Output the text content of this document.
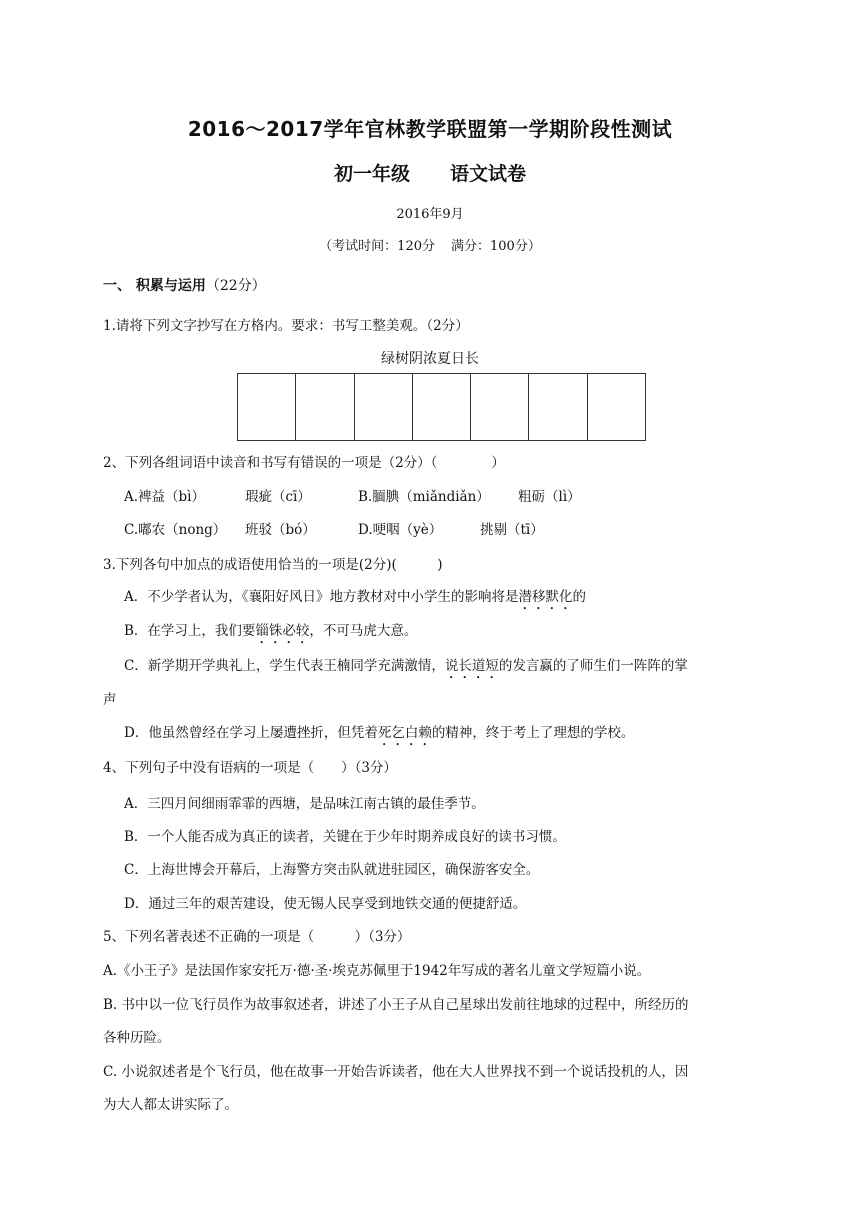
2016～2017学年官林教学联盟第一学期阶段性测试
初一年级 语文试卷
2016年9月
（考试时间：120分 满分：100分）
一、 积累与运用（22分）
1.请将下列文字抄写在方格内。要求：书写工整美观。（2分）
绿树阴浓夏日长
2、下列各组词语中读音和书写有错误的一项是（2分）（　　　　）
A.裨益（bì）	瑕疵（cī）	B.腼腆（miǎndiǎn） 粗砺（lì）
C.嘟农（nong） 班驳（bó）	D.哽咽（yè）	挑剔（tī）
3.下列各句中加点的成语使用恰当的一项是(2分)(　　　)
A．不少学者认为，《襄阳好风日》地方教材对中小学生的影响将是潜移默化的
B．在学习上，我们要锱铢必较，不可马虎大意。
C．新学期开学典礼上，学生代表王楠同学充满激情，说长道短的发言赢的了师生们一阵阵的掌
声
D．他虽然曾经在学习上屡遭挫折，但凭着死乞白赖的精神，终于考上了理想的学校。
4、下列句子中没有语病的一项是（　　）（3分）
A．三四月间细雨霏霏的西塘，是品味江南古镇的最佳季节。
B．一个人能否成为真正的读者，关键在于少年时期养成良好的读书习惯。
C．上海世博会开幕后，上海警方突击队就进驻园区，确保游客安全。
D．通过三年的艰苦建设，使无锡人民享受到地铁交通的便捷舒适。
5、下列名著表述不正确的一项是（　　　）（3分）
A.《小王子》是法国作家安托万·德·圣·埃克苏佩里于1942年写成的著名儿童文学短篇小说。
B. 书中以一位飞行员作为故事叙述者，讲述了小王子从自己星球出发前往地球的过程中，所经历的
各种历险。
C. 小说叙述者是个飞行员，他在故事一开始告诉读者，他在大人世界找不到一个说话投机的人，因
为大人都太讲实际了。
